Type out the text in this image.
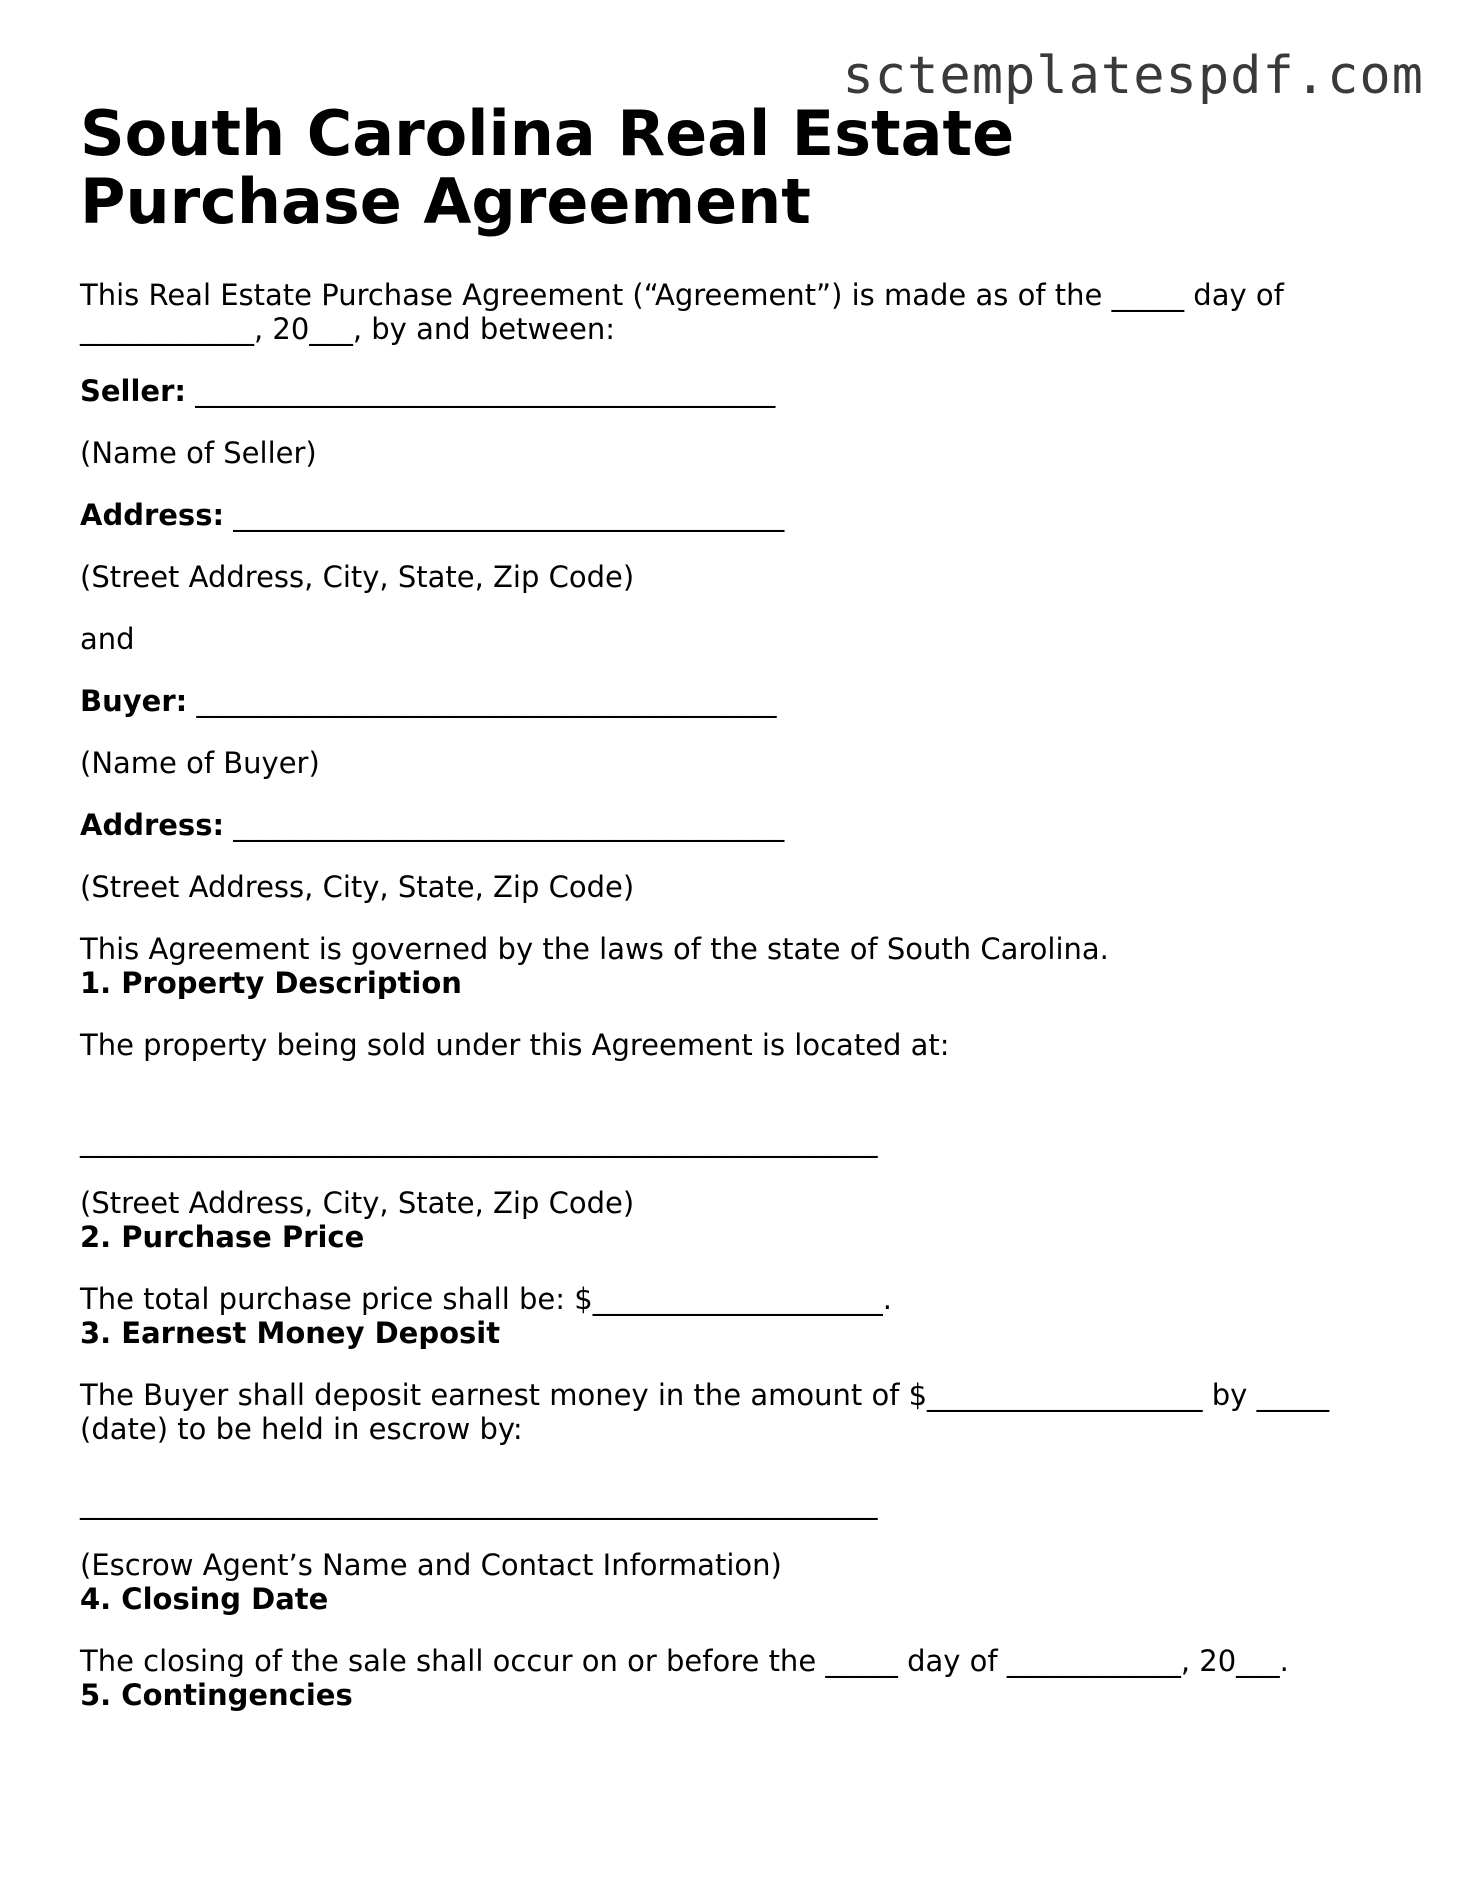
sctemplatespdf.com
South Carolina Real Estate Purchase Agreement

This Real Estate Purchase Agreement (“Agreement”) is made as of the _____ day of ____________, 20___, by and between:

Seller: ________________________________________

(Name of Seller)

Address: ______________________________________

(Street Address, City, State, Zip Code)

and

Buyer: ________________________________________

(Name of Buyer)

Address: ______________________________________

(Street Address, City, State, Zip Code)

This Agreement is governed by the laws of the state of South Carolina.

1. Property Description

The property being sold under this Agreement is located at:

_______________________________________________________

(Street Address, City, State, Zip Code)

2. Purchase Price

The total purchase price shall be: $____________________.

3. Earnest Money Deposit

The Buyer shall deposit earnest money in the amount of $___________________ by _____ (date) to be held in escrow by:

_______________________________________________________

(Escrow Agent’s Name and Contact Information)

4. Closing Date

The closing of the sale shall occur on or before the _____ day of ____________, 20___.

5. Contingencies
